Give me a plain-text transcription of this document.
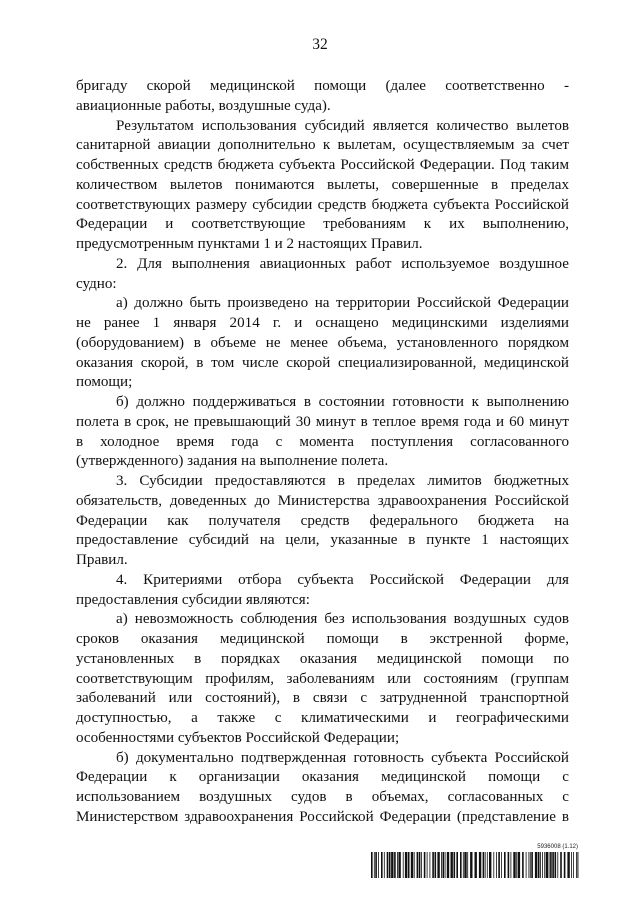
32
бригаду скорой медицинской помощи (далее соответственно -
авиационные работы, воздушные суда).
Результатом использования субсидий является количество вылетов
санитарной авиации дополнительно к вылетам, осуществляемым за счет
собственных средств бюджета субъекта Российской Федерации. Под таким
количеством вылетов понимаются вылеты, совершенные в пределах
соответствующих размеру субсидии средств бюджета субъекта Российской
Федерации и соответствующие требованиям к их выполнению,
предусмотренным пунктами 1 и 2 настоящих Правил.
2. Для выполнения авиационных работ используемое воздушное
судно:
а) должно быть произведено на территории Российской Федерации
не ранее 1 января 2014 г. и оснащено медицинскими изделиями
(оборудованием) в объеме не менее объема, установленного порядком
оказания скорой, в том числе скорой специализированной, медицинской
помощи;
б) должно поддерживаться в состоянии готовности к выполнению
полета в срок, не превышающий 30 минут в теплое время года и 60 минут
в холодное время года с момента поступления согласованного
(утвержденного) задания на выполнение полета.
3. Субсидии предоставляются в пределах лимитов бюджетных
обязательств, доведенных до Министерства здравоохранения Российской
Федерации как получателя средств федерального бюджета на
предоставление субсидий на цели, указанные в пункте 1 настоящих
Правил.
4. Критериями отбора субъекта Российской Федерации для
предоставления субсидии являются:
а) невозможность соблюдения без использования воздушных судов
сроков оказания медицинской помощи в экстренной форме,
установленных в порядках оказания медицинской помощи по
соответствующим профилям, заболеваниям или состояниям (группам
заболеваний или состояний), в связи с затрудненной транспортной
доступностью, а также с климатическими и географическими
особенностями субъектов Российской Федерации;
б) документально подтвержденная готовность субъекта Российской
Федерации к организации оказания медицинской помощи с
использованием воздушных судов в объемах, согласованных с
Министерством здравоохранения Российской Федерации (представление в
5936008 (1.12)
